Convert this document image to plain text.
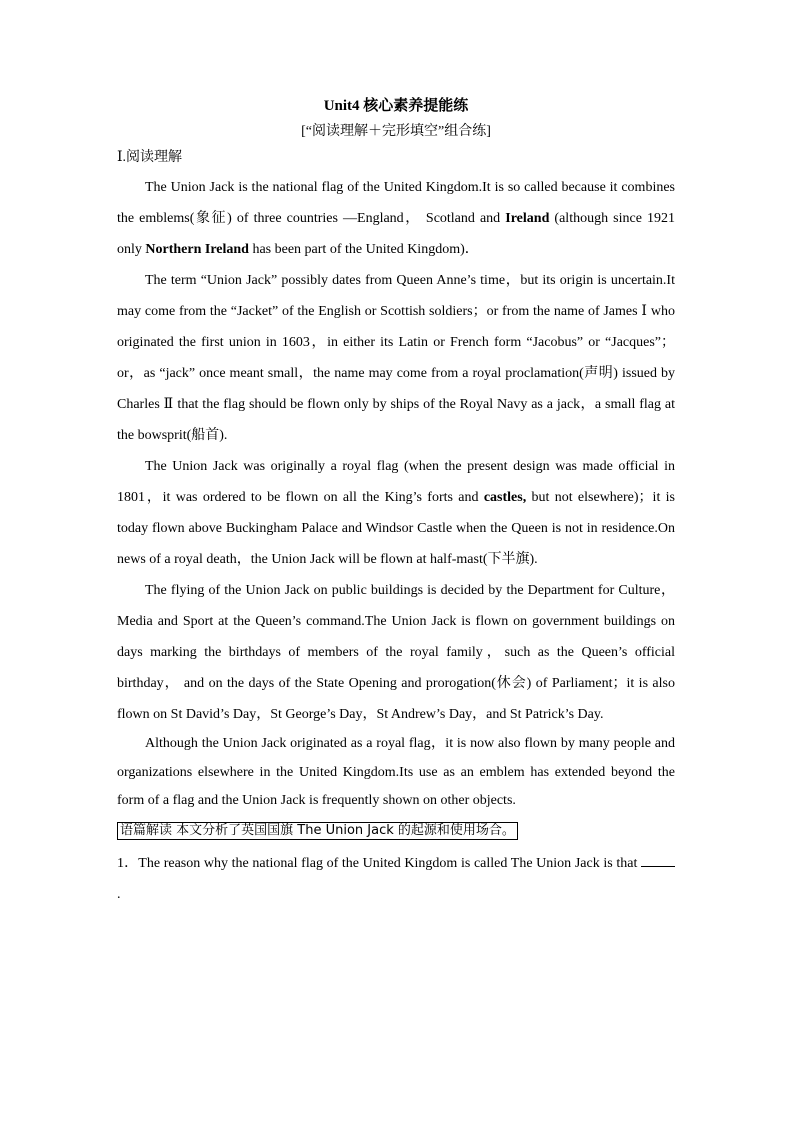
Unit4 核心素养提能练
[“阅读理解＋完形填空”组合练]
Ⅰ.阅读理解

The Union Jack is the national flag of the United Kingdom.It is so called because it combines the emblems(象征) of three countries —England， Scotland and Ireland (although since 1921 only Northern Ireland has been part of the United Kingdom)．

The term “Union Jack” possibly dates from Queen Anne’s time，but its origin is uncertain.It may come from the “Jacket” of the English or Scottish soldiers；or from the name of James Ⅰ who originated the first union in 1603，in either its Latin or French form “Jacobus” or “Jacques”； or，as “jack” once meant small，the name may come from a royal proclamation(声明) issued by Charles Ⅱ that the flag should be flown only by ships of the Royal Navy as a jack，a small flag at the bowsprit(船首).

The Union Jack was originally a royal flag (when the present design was made official in 1801，it was ordered to be flown on all the King’s forts and castles, but not elsewhere)；it is today flown above Buckingham Palace and Windsor Castle when the Queen is not in residence.On news of a royal death，the Union Jack will be flown at half-mast(下半旗).

The flying of the Union Jack on public buildings is decided by the Department for Culture， Media and Sport at the Queen’s command.The Union Jack is flown on government buildings on days marking the birthdays of members of the royal family，such as the Queen’s official birthday， and on the days of the State Opening and prorogation(休会) of Parliament；it is also flown on St David’s Day，St George’s Day，St Andrew’s Day，and St Patrick’s Day.

Although the Union Jack originated as a royal flag，it is now also flown by many people and organizations elsewhere in the United Kingdom.Its use as an emblem has extended beyond the form of a flag and the Union Jack is frequently shown on other objects.

语篇解读 本文分析了英国国旗 The Union Jack 的起源和使用场合。

1．The reason why the national flag of the United Kingdom is called The Union Jack is that .
